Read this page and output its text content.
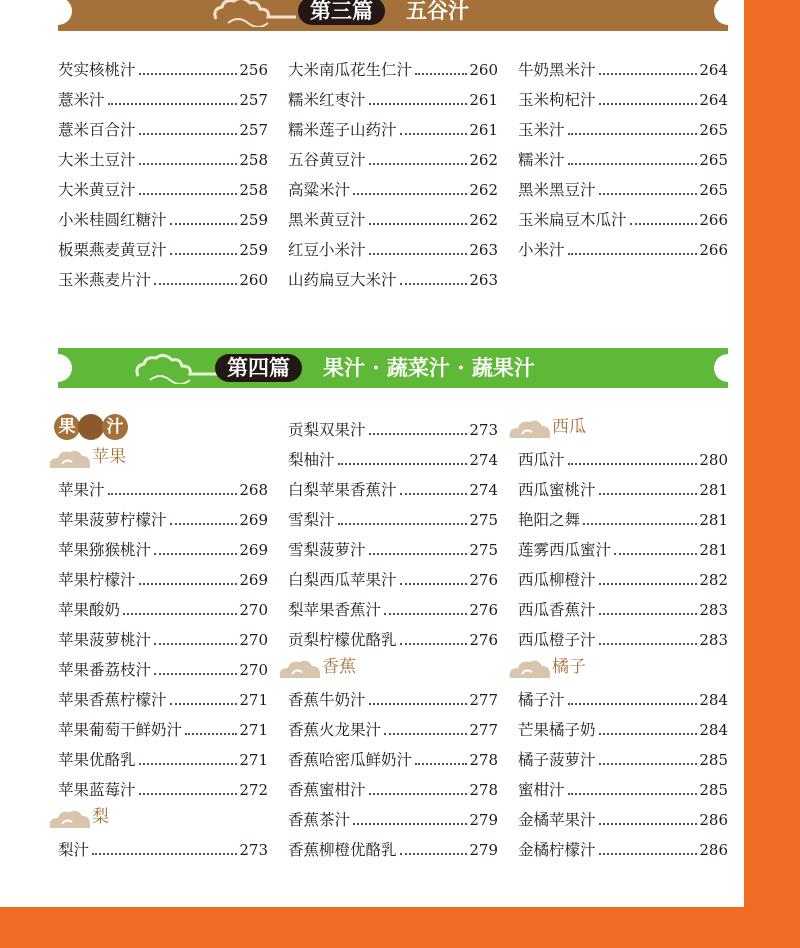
第三篇	五谷汁
芡实核桃汁	256
薏米汁	257
薏米百合汁	257
大米土豆汁	258
大米黄豆汁	258
小米桂圆红糖汁	259
板栗燕麦黄豆汁	259
玉米燕麦片汁	260
大米南瓜花生仁汁	260
糯米红枣汁	261
糯米莲子山药汁	261
五谷黄豆汁	262
高粱米汁	262
黑米黄豆汁	262
红豆小米汁	263
山药扁豆大米汁	263
牛奶黑米汁	264
玉米枸杞汁	264
玉米汁	265
糯米汁	265
黑米黑豆汁	265
玉米扁豆木瓜汁	266
小米汁	266
第四篇	果汁 · 蔬菜汁 · 蔬果汁
果 汁
苹果
苹果汁	268
苹果菠萝柠檬汁	269
苹果猕猴桃汁	269
苹果柠檬汁	269
苹果酸奶	270
苹果菠萝桃汁	270
苹果番荔枝汁	270
苹果香蕉柠檬汁	271
苹果葡萄干鲜奶汁	271
苹果优酪乳	271
苹果蓝莓汁	272
梨
梨汁	273
贡梨双果汁	273
梨柚汁	274
白梨苹果香蕉汁	274
雪梨汁	275
雪梨菠萝汁	275
白梨西瓜苹果汁	276
梨苹果香蕉汁	276
贡梨柠檬优酪乳	276
香蕉
香蕉牛奶汁	277
香蕉火龙果汁	277
香蕉哈密瓜鲜奶汁	278
香蕉蜜柑汁	278
香蕉茶汁	279
香蕉柳橙优酪乳	279
西瓜
西瓜汁	280
西瓜蜜桃汁	281
艳阳之舞	281
莲雾西瓜蜜汁	281
西瓜柳橙汁	282
西瓜香蕉汁	283
西瓜橙子汁	283
橘子
橘子汁	284
芒果橘子奶	284
橘子菠萝汁	285
蜜柑汁	285
金橘苹果汁	286
金橘柠檬汁	286
